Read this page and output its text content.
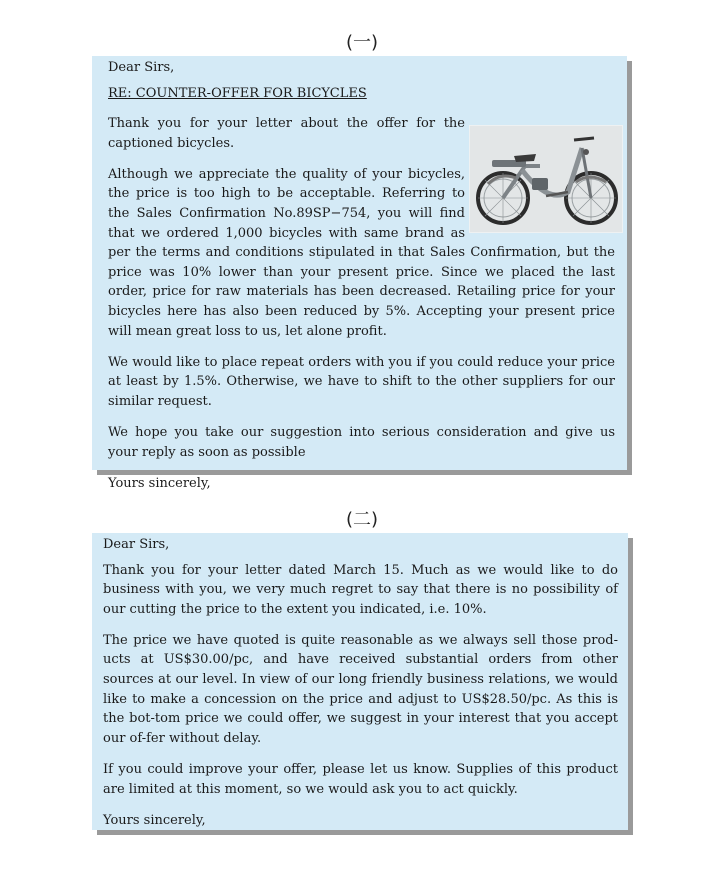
(一)

Dear Sirs,

RE: COUNTER-OFFER FOR BICYCLES

Thank you for your letter about the offer for the captioned bicycles.

Although we appreciate the quality of your bicycles, the price is too high to be acceptable. Referring to the Sales Confirmation No.89SP−754, you will find that we ordered 1,000 bicycles with same brand as per the terms and conditions stipulated in that Sales Confirmation, but the price was 10% lower than your present price. Since we placed the last order, price for raw materials has been decreased. Retailing price for your bicycles here has also been reduced by 5%. Accepting your present price will mean great loss to us, let alone profit.

We would like to place repeat orders with you if you could reduce your price at least by 1.5%. Otherwise, we have to shift to the other suppliers for our similar request.

We hope you take our suggestion into serious consideration and give us your reply as soon as possible

Yours sincerely,

(二)

Dear Sirs,

Thank you for your letter dated March 15. Much as we would like to do business with you, we very much regret to say that there is no possibility of our cutting the price to the extent you indicated, i.e. 10%.

The price we have quoted is quite reasonable as we always sell those prod-ucts at US$30.00/pc, and have received substantial orders from other sources at our level. In view of our long friendly business relations, we would like to make a concession on the price and adjust to US$28.50/pc. As this is the bot-tom price we could offer, we suggest in your interest that you accept our of-fer without delay.

If you could improve your offer, please let us know. Supplies of this product are limited at this moment, so we would ask you to act quickly.

Yours sincerely,
